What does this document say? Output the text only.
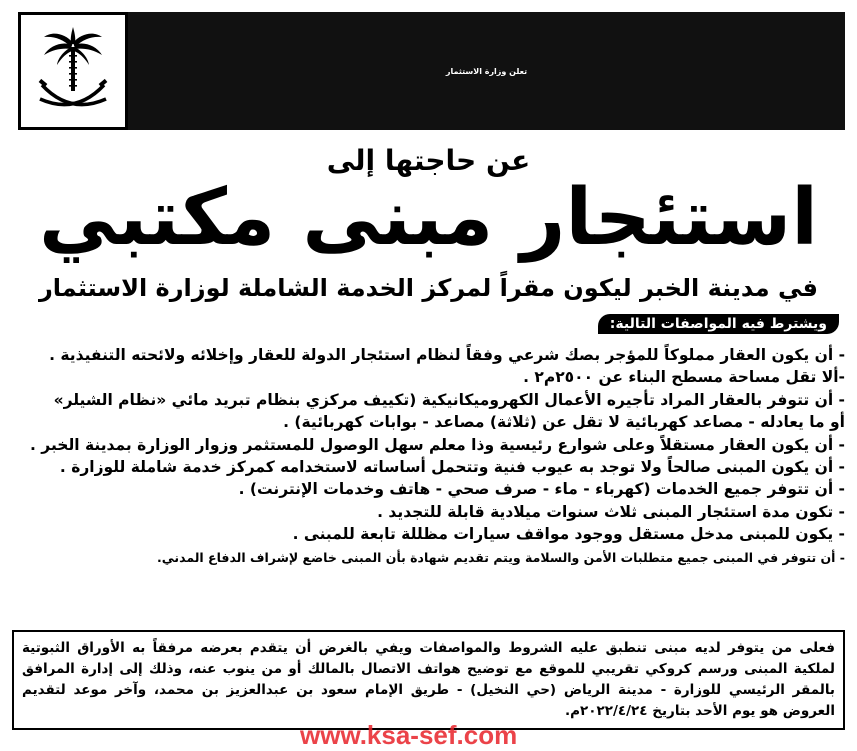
تعلن وزارة الاستثمار
عن حاجتها إلى
استئجار مبنى مكتبي
في مدينة الخبر ليكون مقراً لمركز الخدمة الشاملة لوزارة الاستثمار
ويشترط فيه المواصفات التالية:
- أن يكون العقار مملوكاً للمؤجر بصك شرعي وفقاً لنظام استئجار الدولة للعقار وإخلائه ولائحته التنفيذية .
-ألا تقل مساحة مسطح البناء عن ٢٥٠٠م٢ .
- أن تتوفر بالعقار المراد تأجيره الأعمال الكهروميكانيكية (تكييف مركزي بنظام تبريد مائي «نظام الشيلر»
أو ما يعادله - مصاعد كهربائية لا تقل عن (ثلاثة) مصاعد - بوابات كهربائية) .
- أن يكون العقار مستقلاً وعلى شوارع رئيسية وذا معلم سهل الوصول للمستثمر وزوار الوزارة بمدينة الخبر .
- أن يكون المبنى صالحاً ولا توجد به عيوب فنية وتتحمل أساساته لاستخدامه كمركز خدمة شاملة للوزارة .
- أن تتوفر جميع الخدمات (كهرباء - ماء - صرف صحي - هاتف وخدمات الإنترنت) .
- تكون مدة استئجار المبنى ثلاث سنوات ميلادية قابلة للتجديد .
- يكون للمبنى مدخل مستقل ووجود مواقف سيارات مظللة تابعة للمبنى .
- أن تتوفر في المبنى جميع متطلبات الأمن والسلامة ويتم تقديم شهادة بأن المبنى خاضع لإشراف الدفاع المدني.

فعلى من يتوفر لديه مبنى تنطبق عليه الشروط والمواصفات ويفي بالغرض أن يتقدم بعرضه مرفقاً به الأوراق الثبوتية لملكية المبنى ورسم كروكي تقريبي للموقع مع توضيح هواتف الاتصال بالمالك أو من ينوب عنه، وذلك إلى إدارة المرافق بالمقر الرئيسي للوزارة - مدينة الرياض (حي النخيل) - طريق الإمام سعود بن عبدالعزيز بن محمد، وآخر موعد لتقديم العروض هو يوم الأحد بتاريخ ٢٠٢٢/٤/٢٤م.

www.ksa-sef.com
